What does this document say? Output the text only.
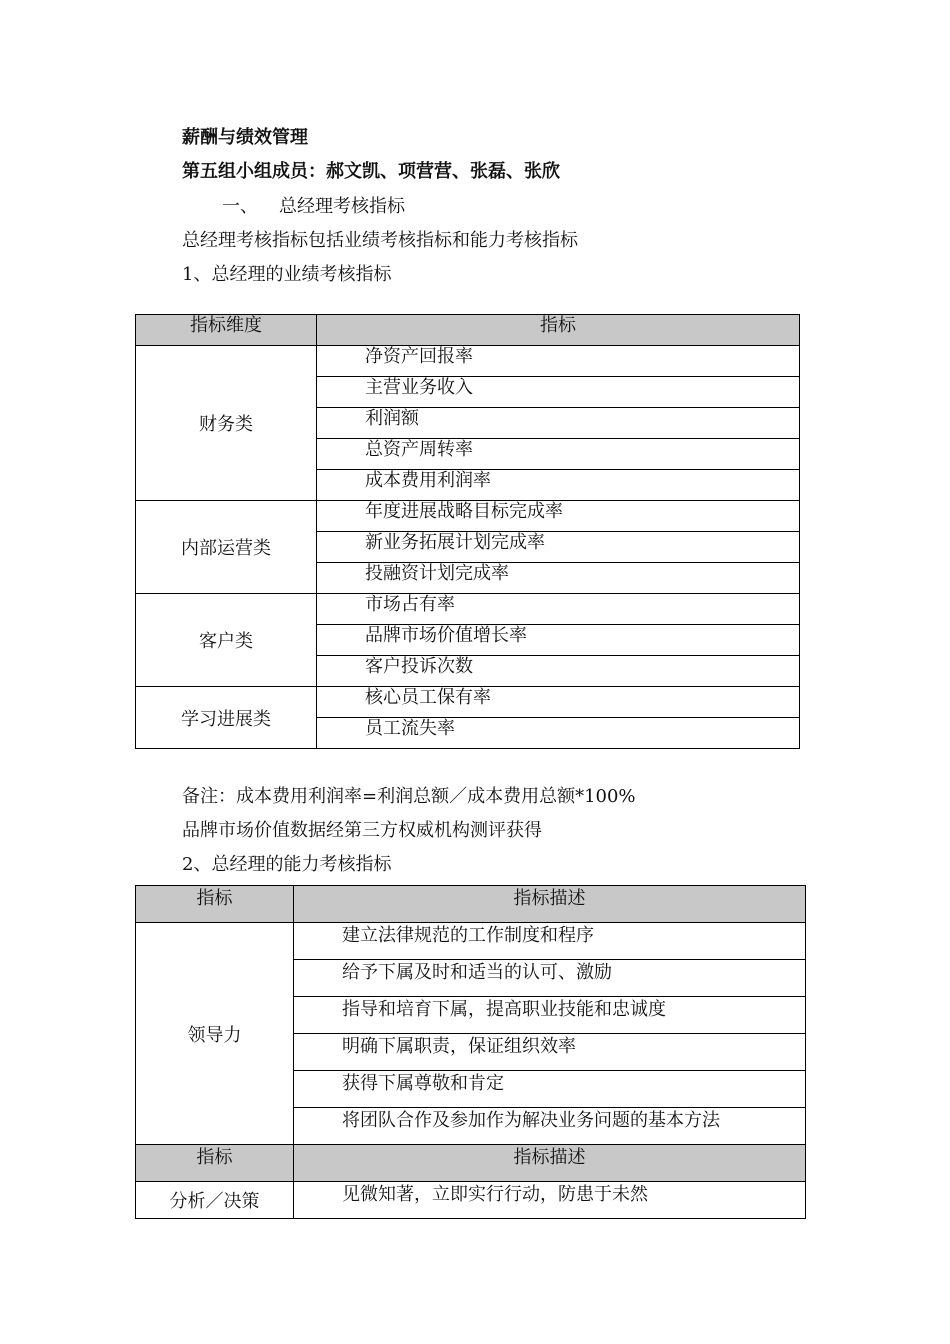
薪酬与绩效管理
第五组小组成员：郝文凯、项营营、张磊、张欣
一、 总经理考核指标
总经理考核指标包括业绩考核指标和能力考核指标
1、总经理的业绩考核指标
指标维度	指标
财务类	净资产回报率
	主营业务收入
	利润额
	总资产周转率
	成本费用利润率
内部运营类	年度进展战略目标完成率
	新业务拓展计划完成率
	投融资计划完成率
客户类	市场占有率
	品牌市场价值增长率
	客户投诉次数
学习进展类	核心员工保有率
	员工流失率
备注：成本费用利润率=利润总额／成本费用总额*100%
品牌市场价值数据经第三方权威机构测评获得
2、总经理的能力考核指标
指标	指标描述
领导力	建立法律规范的工作制度和程序
	给予下属及时和适当的认可、激励
	指导和培育下属，提高职业技能和忠诚度
	明确下属职责，保证组织效率
	获得下属尊敬和肯定
	将团队合作及参加作为解决业务问题的基本方法
指标	指标描述
分析／决策	见微知著，立即实行行动，防患于未然
